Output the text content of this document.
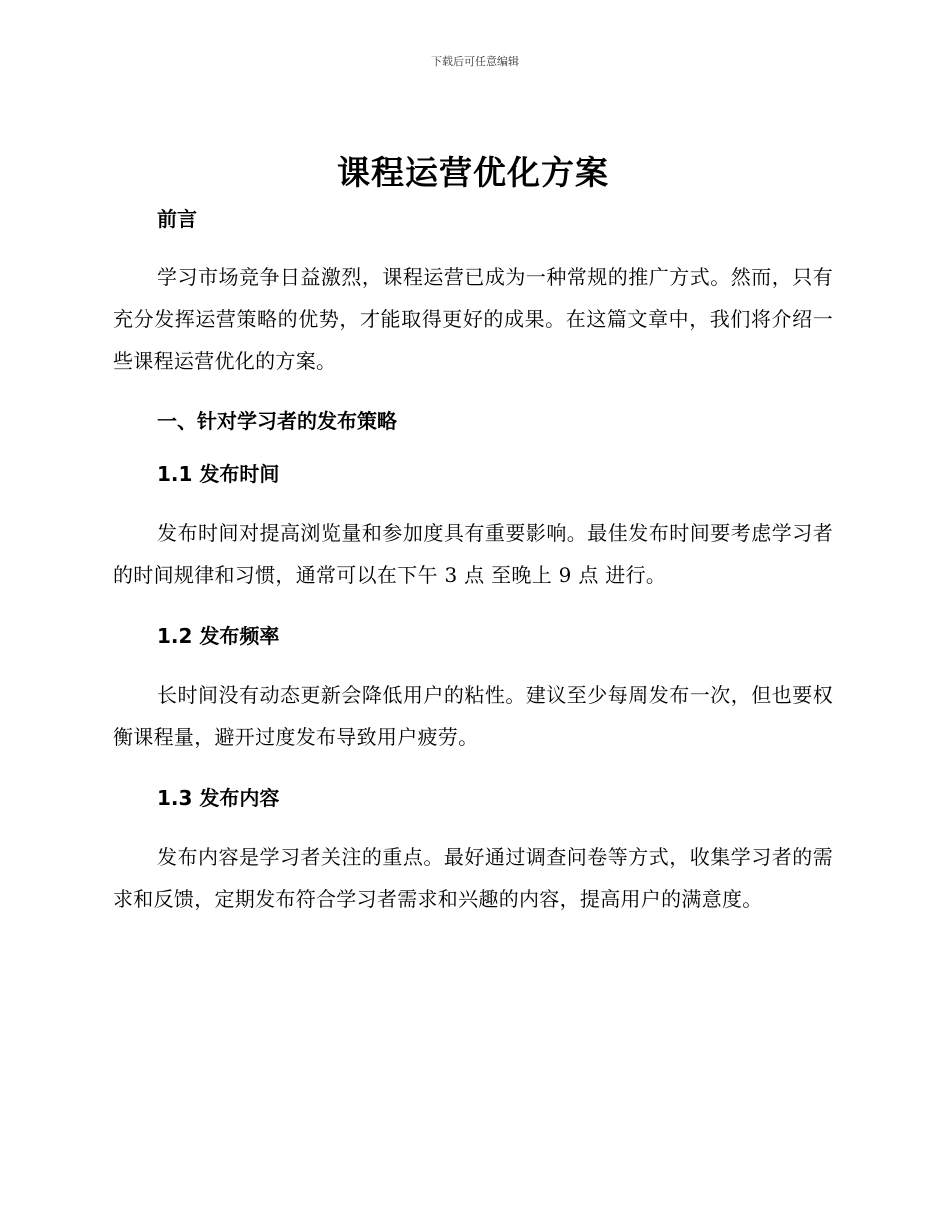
下载后可任意编辑
课程运营优化方案
前言

学习市场竞争日益激烈，课程运营已成为一种常规的推广方式。然而，只有充分发挥运营策略的优势，才能取得更好的成果。在这篇文章中，我们将介绍一些课程运营优化的方案。

一、针对学习者的发布策略
1.1 发布时间

发布时间对提高浏览量和参加度具有重要影响。最佳发布时间要考虑学习者的时间规律和习惯，通常可以在下午 3 点 至晚上 9 点 进行。

1.2 发布频率

长时间没有动态更新会降低用户的粘性。建议至少每周发布一次，但也要权衡课程量，避开过度发布导致用户疲劳。

1.3 发布内容

发布内容是学习者关注的重点。最好通过调查问卷等方式，收集学习者的需求和反馈，定期发布符合学习者需求和兴趣的内容，提高用户的满意度。
